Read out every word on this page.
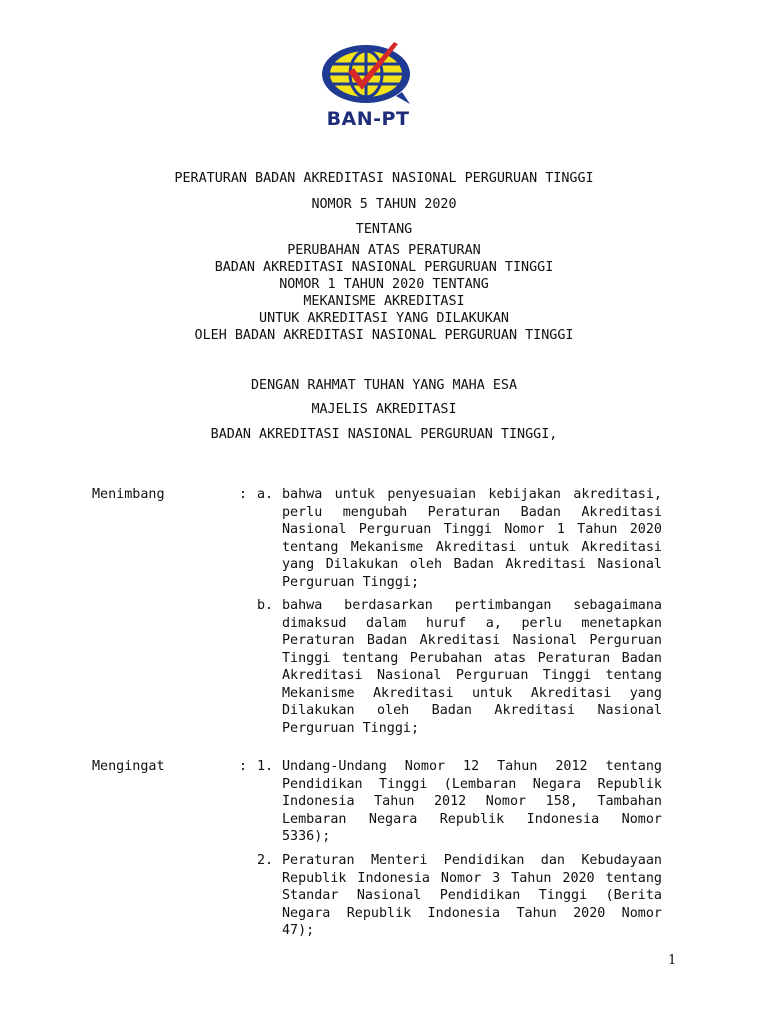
BAN-PT
PERATURAN BADAN AKREDITASI NASIONAL PERGURUAN TINGGI
NOMOR 5 TAHUN 2020
TENTANG
PERUBAHAN ATAS PERATURAN
BADAN AKREDITASI NASIONAL PERGURUAN TINGGI
NOMOR 1 TAHUN 2020 TENTANG
MEKANISME AKREDITASI
UNTUK AKREDITASI YANG DILAKUKAN
OLEH BADAN AKREDITASI NASIONAL PERGURUAN TINGGI
DENGAN RAHMAT TUHAN YANG MAHA ESA
MAJELIS AKREDITASI
BADAN AKREDITASI NASIONAL PERGURUAN TINGGI,
Menimbang	: a. bahwa untuk penyesuaian kebijakan akreditasi,
perlu mengubah Peraturan Badan Akreditasi
Nasional Perguruan Tinggi Nomor 1 Tahun 2020
tentang Mekanisme Akreditasi untuk Akreditasi
yang Dilakukan oleh Badan Akreditasi Nasional
Perguruan Tinggi;
b. bahwa berdasarkan pertimbangan sebagaimana
dimaksud dalam huruf a, perlu menetapkan
Peraturan Badan Akreditasi Nasional Perguruan
Tinggi tentang Perubahan atas Peraturan Badan
Akreditasi Nasional Perguruan Tinggi tentang
Mekanisme Akreditasi untuk Akreditasi yang
Dilakukan oleh Badan Akreditasi Nasional
Perguruan Tinggi;
Mengingat	: 1. Undang-Undang Nomor 12 Tahun 2012 tentang
Pendidikan Tinggi (Lembaran Negara Republik
Indonesia Tahun 2012 Nomor 158, Tambahan
Lembaran Negara Republik Indonesia Nomor
5336);
2. Peraturan Menteri Pendidikan dan Kebudayaan
Republik Indonesia Nomor 3 Tahun 2020 tentang
Standar Nasional Pendidikan Tinggi (Berita
Negara Republik Indonesia Tahun 2020 Nomor
47);
1
